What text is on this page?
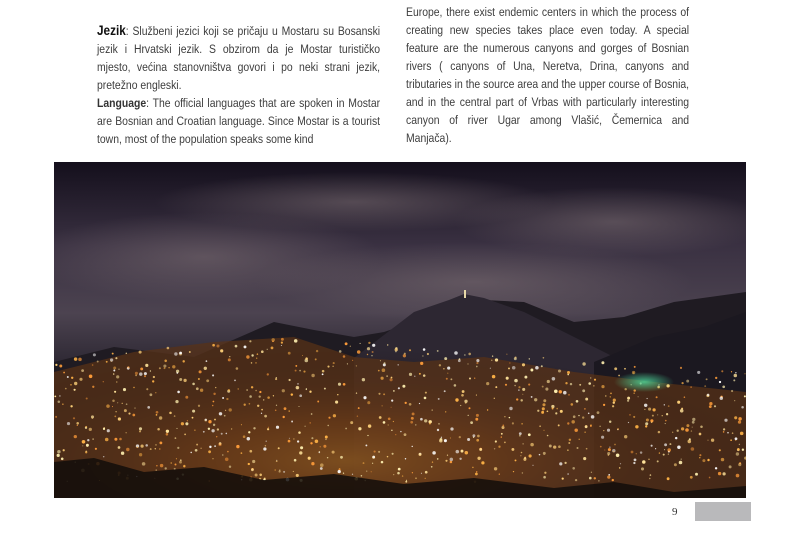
Jezik: Službeni jezici koji se pričaju u Mostaru su Bosanski jezik i Hrvatski jezik. S obzirom da je Mostar turističko mjesto, većina stanovništva govori i po neki strani jezik, pretežno engleski.

Language: The official languages that are spoken in Mostar are Bosnian and Croatian language. Since Mostar is a tourist town, most of the population speaks some kind

Europe, there exist endemic centers in which the process of creating new species takes place even today. A special feature are the numerous canyons and gorges of Bosnian rivers ( canyons of Una, Neretva, Drina, canyons and tributaries in the source area and the upper course of Bosnia, and in the central part of Vrbas with particularly interesting canyon of river Ugar among Vlašić, Čemernica and Manjača).

9
